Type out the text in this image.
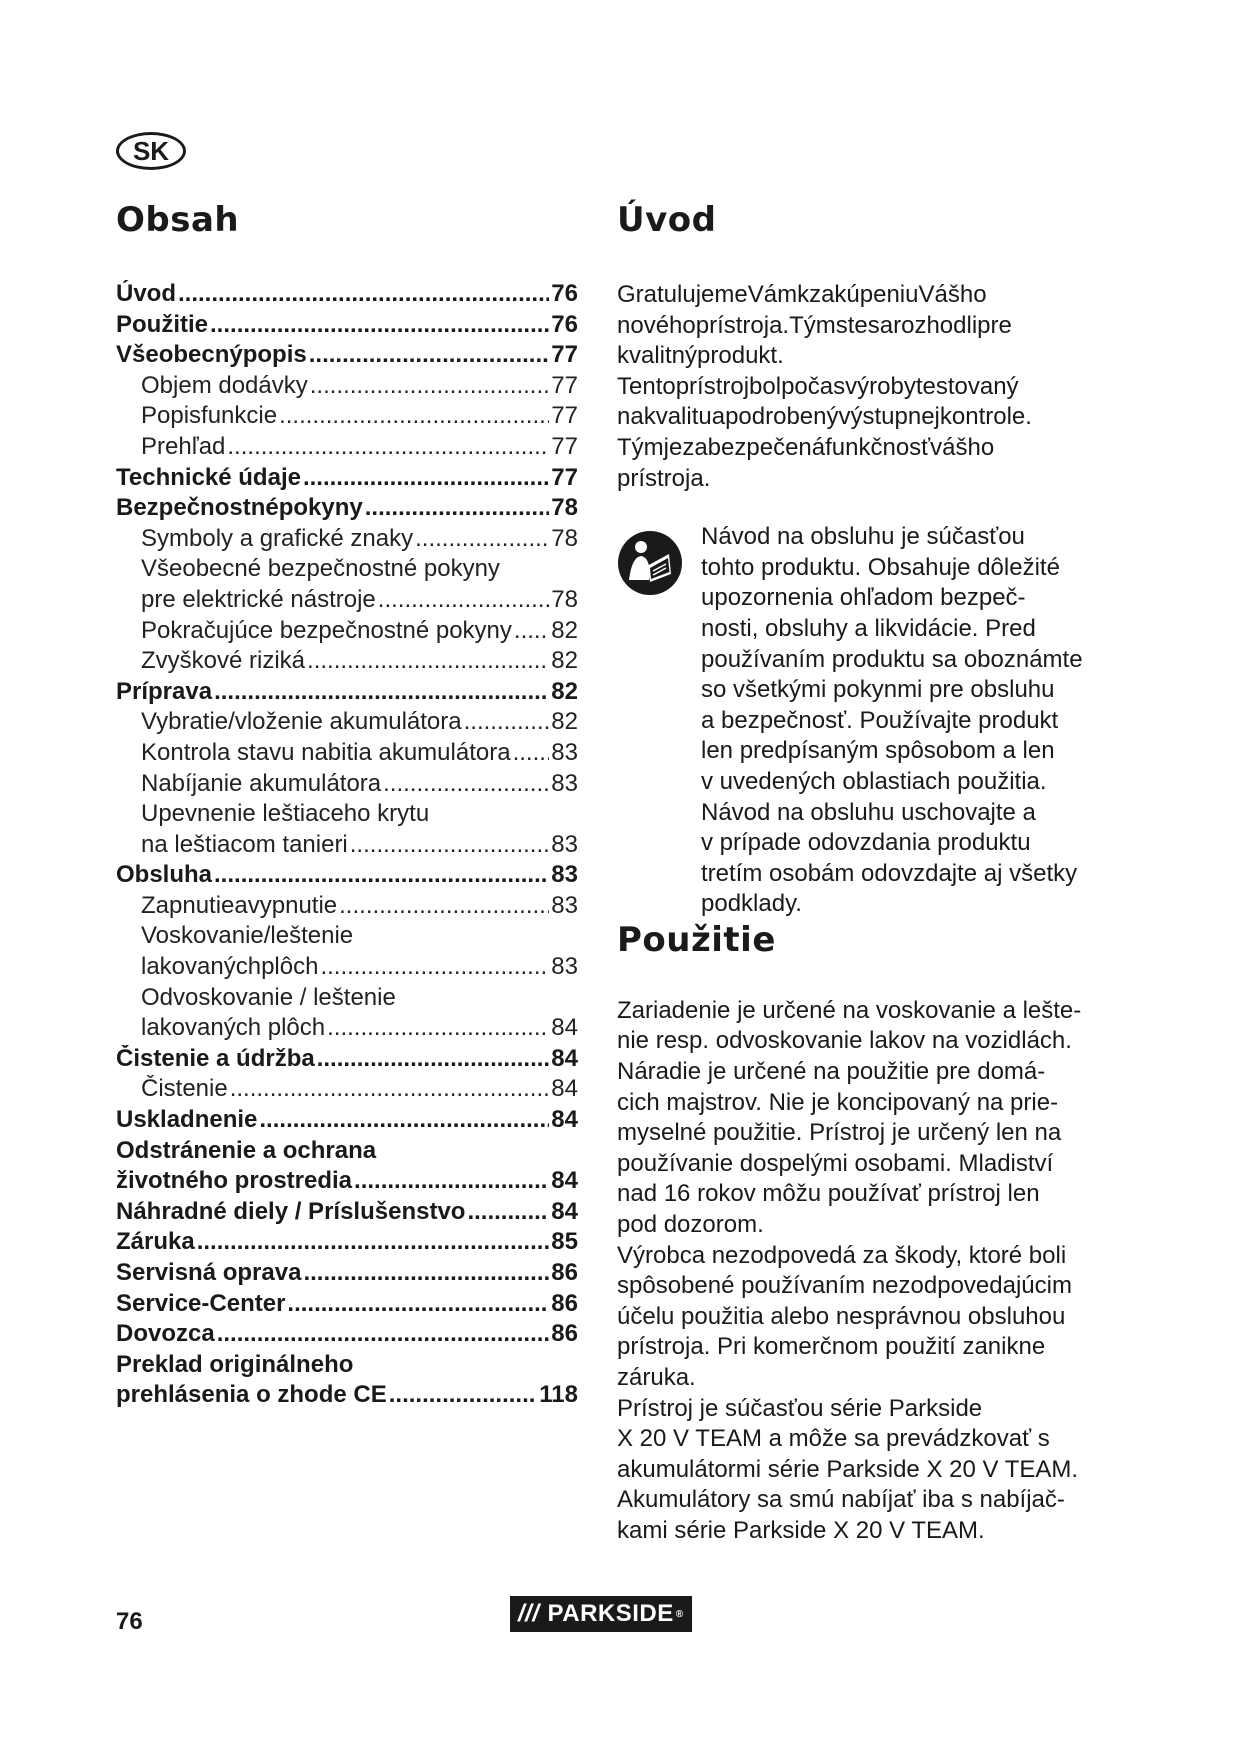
SK
Obsah
Úvod .....	76
Použitie .....	76
Všeobecnýpopis .....	77
Objem dodávky .....	77
Popisfunkcie .....	77
Prehľad .....	77
Technické údaje .....	77
Bezpečnostnépokyny .....	78
Symboly a grafické znaky .....	78
Všeobecné bezpečnostné pokyny
pre elektrické nástroje .....	78
Pokračujúce bezpečnostné pokyny ..... 82
Zvyškové riziká .....	82
Príprava .....	82
Vybratie/vloženie akumulátora .....	82
Kontrola stavu nabitia akumulátora ..... 83
Nabíjanie akumulátora .....	83
Upevnenie leštiaceho krytu
na leštiacom tanieri .....	83
Obsluha .....	83
Zapnutieavypnutie .....	83
Voskovanie/leštenie
lakovanýchplôch .....	83
Odvoskovanie / leštenie
lakovaných plôch .....	84
Čistenie a údržba .....	84
Čistenie .....	84
Uskladnenie .....	84
Odstránenie a ochrana
životného prostredia .....	84
Náhradné diely / Príslušenstvo .....	84
Záruka .....	85
Servisná oprava .....	86
Service-Center .....	86
Dovozca .....	86
Preklad originálneho
prehlásenia o zhode CE .....	118
Úvod

GratulujemeVámkzakúpeniuVášho

novéhoprístroja.Týmstesarozhodlipre

kvalitnýprodukt.

Tentoprístrojbolpočasvýrobytestovaný

nakvalituapodrobenývýstupnejkontrole.

Týmjezabezpečenáfunkčnosťvášho

prístroja.

Návod na obsluhu je súčasťou

tohto produktu. Obsahuje dôležité

upozornenia ohľadom bezpeč-

nosti, obsluhy a likvidácie. Pred

používaním produktu sa oboznámte

so všetkými pokynmi pre obsluhu

a bezpečnosť. Používajte produkt

len predpísaným spôsobom a len

v uvedených oblastiach použitia.

Návod na obsluhu uschovajte a

v prípade odovzdania produktu

tretím osobám odovzdajte aj všetky

podklady.

Použitie

Zariadenie je určené na voskovanie a lešte-

nie resp. odvoskovanie lakov na vozidlách.

Náradie je určené na použitie pre domá-

cich majstrov. Nie je koncipovaný na prie-

myselné použitie. Prístroj je určený len na

používanie dospelými osobami. Mladiství

nad 16 rokov môžu používať prístroj len

pod dozorom.

Výrobca nezodpovedá za škody, ktoré boli

spôsobené používaním nezodpovedajúcim

účelu použitia alebo nesprávnou obsluhou

prístroja. Pri komerčnom použití zanikne

záruka.

Prístroj je súčasťou série Parkside

X 20 V TEAM a môže sa prevádzkovať s

akumulátormi série Parkside X 20 V TEAM.

Akumulátory sa smú nabíjať iba s nabíjač-

kami série Parkside X 20 V TEAM.

76	/// PARKSIDE ®
